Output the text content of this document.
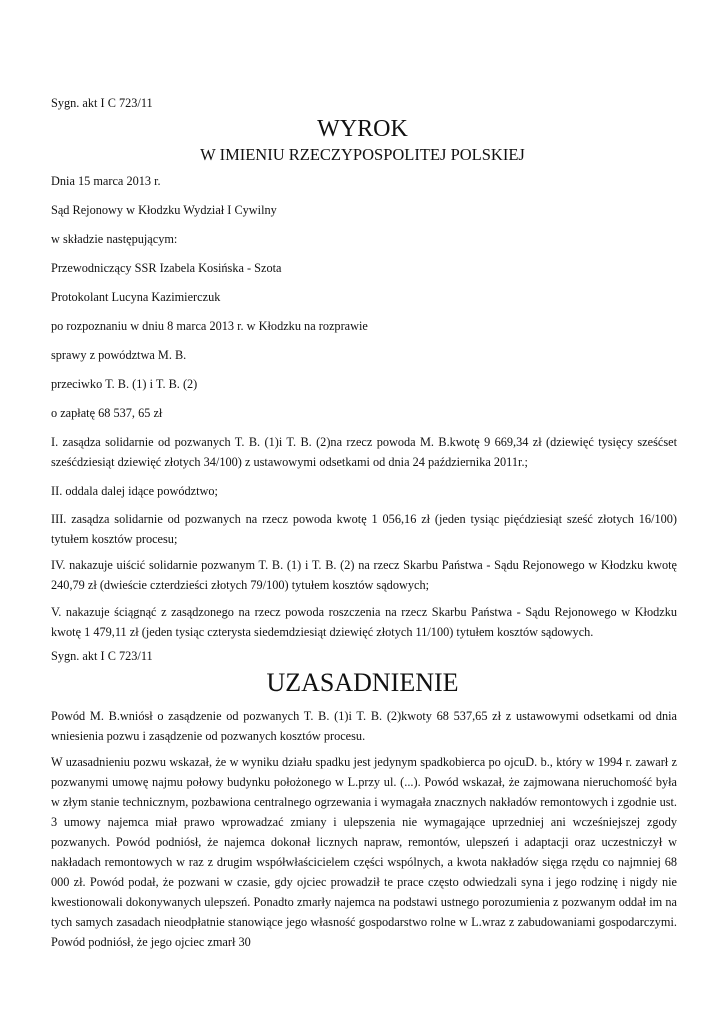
Sygn. akt I C 723/11

WYROK
W IMIENIU RZECZYPOSPOLITEJ POLSKIEJ

Dnia 15 marca 2013 r.

Sąd Rejonowy w Kłodzku Wydział I Cywilny

w składzie następującym:

Przewodniczący SSR Izabela Kosińska - Szota

Protokolant Lucyna Kazimierczuk

po rozpoznaniu w dniu 8 marca 2013 r. w Kłodzku na rozprawie

sprawy z powództwa M. B.

przeciwko T. B. (1) i T. B. (2)

o zapłatę 68 537, 65 zł

I. zasądza solidarnie od pozwanych T. B. (1)i T. B. (2)na rzecz powoda M. B.kwotę 9 669,34 zł (dziewięć tysięcy sześćset sześćdziesiąt dziewięć złotych 34/100) z ustawowymi odsetkami od dnia 24 października 2011r.;

II. oddala dalej idące powództwo;

III. zasądza solidarnie od pozwanych na rzecz powoda kwotę 1 056,16 zł (jeden tysiąc pięćdziesiąt sześć złotych 16/100) tytułem kosztów procesu;

IV. nakazuje uiścić solidarnie pozwanym T. B. (1) i T. B. (2) na rzecz Skarbu Państwa - Sądu Rejonowego w Kłodzku kwotę 240,79 zł (dwieście czterdzieści złotych 79/100) tytułem kosztów sądowych;

V. nakazuje ściągnąć z zasądzonego na rzecz powoda roszczenia na rzecz Skarbu Państwa - Sądu Rejonowego w Kłodzku kwotę 1 479,11 zł (jeden tysiąc czterysta siedemdziesiąt dziewięć złotych 11/100) tytułem kosztów sądowych.

Sygn. akt I C 723/11

UZASADNIENIE

Powód M. B.wniósł o zasądzenie od pozwanych T. B. (1)i T. B. (2)kwoty 68 537,65 zł z ustawowymi odsetkami od dnia wniesienia pozwu i zasądzenie od pozwanych kosztów procesu.

W uzasadnieniu pozwu wskazał, że w wyniku działu spadku jest jedynym spadkobierca po ojcuD. b., który w 1994 r. zawarł z pozwanymi umowę najmu połowy budynku położonego w L.przy ul. (...). Powód wskazał, że zajmowana nieruchomość była w złym stanie technicznym, pozbawiona centralnego ogrzewania i wymagała znacznych nakładów remontowych i zgodnie ust. 3 umowy najemca miał prawo wprowadzać zmiany i ulepszenia nie wymagające uprzedniej ani wcześniejszej zgody pozwanych. Powód podniósł, że najemca dokonał licznych napraw, remontów, ulepszeń i adaptacji oraz uczestniczył w nakładach remontowych w raz z drugim współwłaścicielem części wspólnych, a kwota nakładów sięga rzędu co najmniej 68 000 zł. Powód podał, że pozwani w czasie, gdy ojciec prowadził te prace często odwiedzali syna i jego rodzinę i nigdy nie kwestionowali dokonywanych ulepszeń. Ponadto zmarły najemca na podstawi ustnego porozumienia z pozwanym oddał im na tych samych zasadach nieodpłatnie stanowiące jego własność gospodarstwo rolne w L.wraz z zabudowaniami gospodarczymi. Powód podniósł, że jego ojciec zmarł 30
